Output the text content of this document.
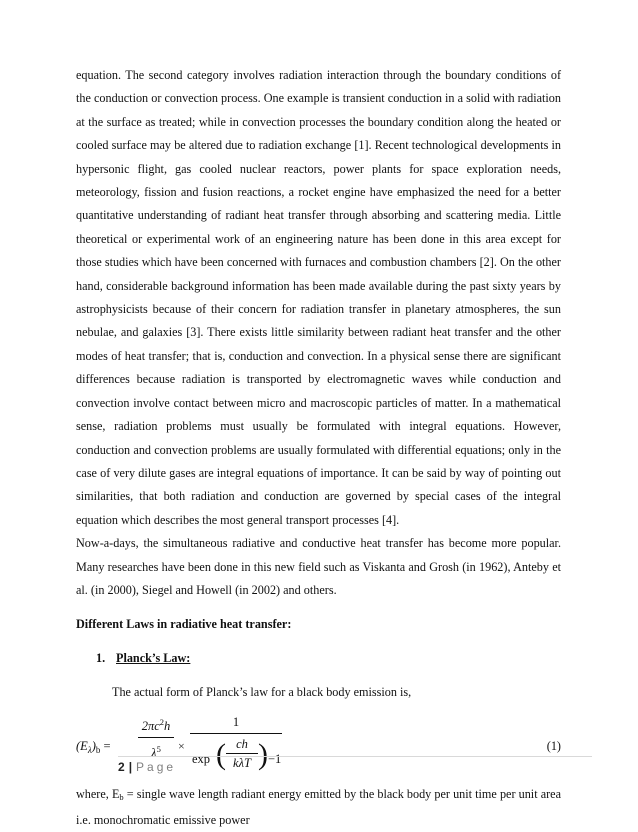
equation. The second category involves radiation interaction through the boundary conditions of the conduction or convection process. One example is transient conduction in a solid with radiation at the surface as treated; while in convection processes the boundary condition along the heated or cooled surface may be altered due to radiation exchange [1]. Recent technological developments in hypersonic flight, gas cooled nuclear reactors, power plants for space exploration needs, meteorology, fission and fusion reactions, a rocket engine have emphasized the need for a better quantitative understanding of radiant heat transfer through absorbing and scattering media. Little theoretical or experimental work of an engineering nature has been done in this area except for those studies which have been concerned with furnaces and combustion chambers [2]. On the other hand, considerable background information has been made available during the past sixty years by astrophysicists because of their concern for radiation transfer in planetary atmospheres, the sun nebulae, and galaxies [3]. There exists little similarity between radiant heat transfer and the other modes of heat transfer; that is, conduction and convection. In a physical sense there are significant differences because radiation is transported by electromagnetic waves while conduction and convection involve contact between micro and macroscopic particles of matter. In a mathematical sense, radiation problems must usually be formulated with integral equations. However, conduction and convection problems are usually formulated with differential equations; only in the case of very dilute gases are integral equations of importance. It can be said by way of pointing out similarities, that both radiation and conduction are governed by special cases of the integral equation which describes the most general transport processes [4].

Now-a-days, the simultaneous radiative and conductive heat transfer has become more popular. Many researches have been done in this new field such as Viskanta and Grosh (in 1962), Anteby et al. (in 2000), Siegel and Howell (in 2002) and others.

Different Laws in radiative heat transfer:

1. Planck’s Law:

The actual form of Planck’s law for a black body emission is,

$(E_\lambda)_b$ =
$2\pi c^2h$
$\lambda^5$	×
1
exp ( ch
kλT ) −1
(1)

where, Eb = single wave length radiant energy emitted by the black body per unit time per unit area i.e. monochromatic emissive power

2 | Page
